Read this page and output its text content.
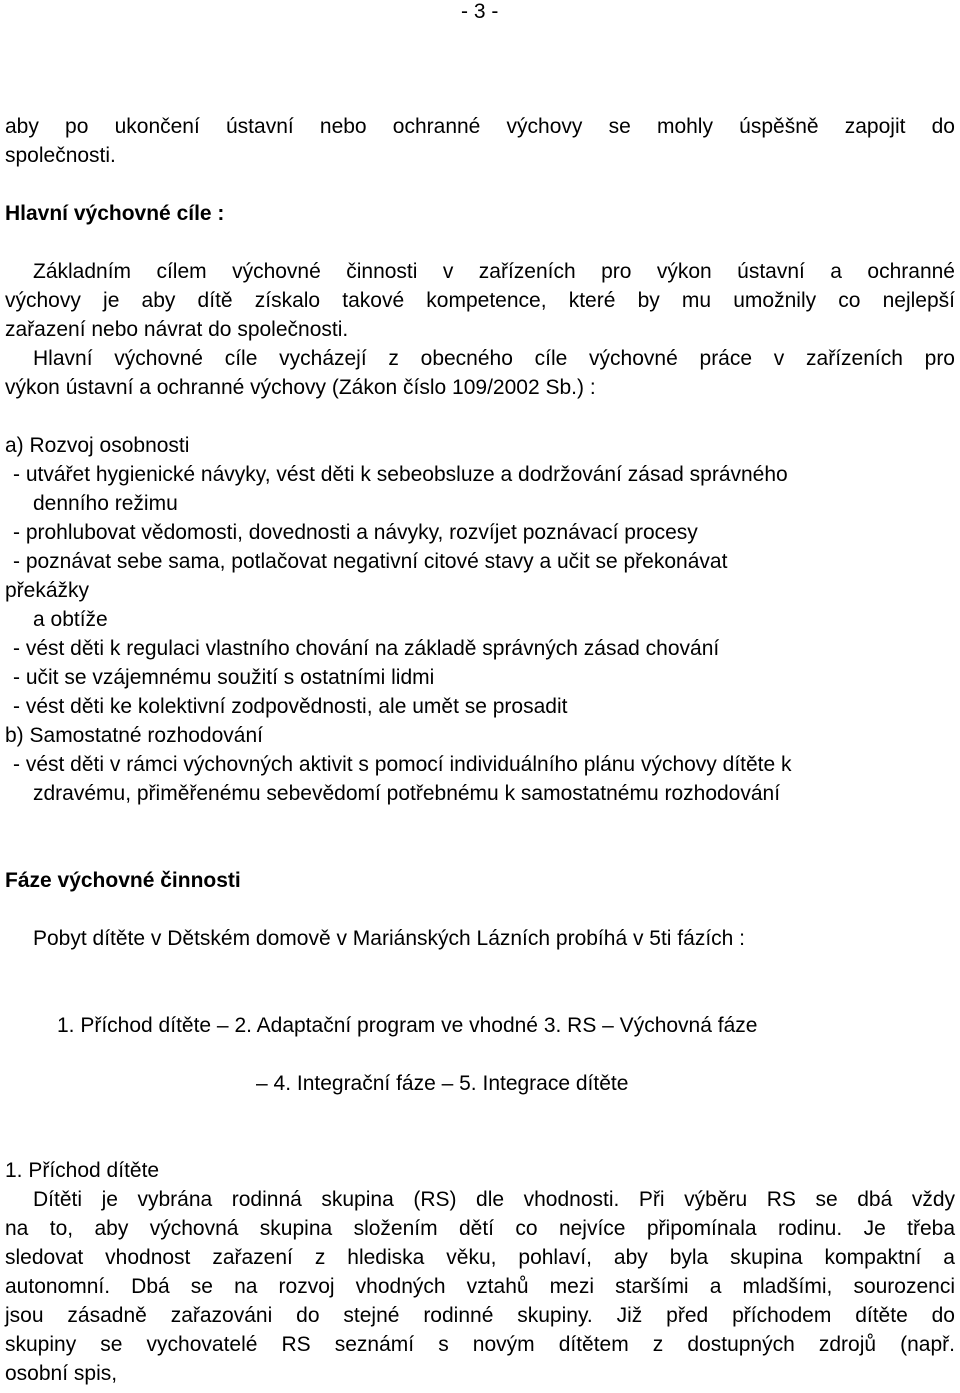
- 3 -
aby po ukončení ústavní nebo ochranné výchovy se mohly úspěšně zapojit do
společnosti.
Hlavní výchovné cíle :
Základním cílem výchovné činnosti v zařízeních pro výkon ústavní a ochranné
výchovy je aby dítě získalo takové kompetence, které by mu umožnily co nejlepší
zařazení nebo návrat do společnosti.
Hlavní výchovné cíle vycházejí z obecného cíle výchovné práce v zařízeních pro
výkon ústavní a ochranné výchovy (Zákon číslo 109/2002 Sb.) :
a) Rozvoj osobnosti
- utvářet hygienické návyky, vést děti k sebeobsluze a dodržování zásad správného
denního režimu
- prohlubovat vědomosti, dovednosti a návyky, rozvíjet poznávací procesy
- poznávat sebe sama, potlačovat negativní citové stavy a učit se překonávat
překážky
a obtíže
- vést děti k regulaci vlastního chování na základě správných zásad chování
- učit se vzájemnému soužití s ostatními lidmi
- vést děti ke kolektivní zodpovědnosti, ale umět se prosadit
b) Samostatné rozhodování
- vést děti v rámci výchovných aktivit s pomocí individuálního plánu výchovy dítěte k
zdravému, přiměřenému sebevědomí potřebnému k samostatnému rozhodování
Fáze výchovné činnosti
Pobyt dítěte v Dětském domově v Mariánských Lázních probíhá v 5ti fázích :
1. Příchod dítěte – 2. Adaptační program ve vhodné 3. RS – Výchovná fáze
– 4. Integrační fáze – 5. Integrace dítěte
1. Příchod dítěte
Dítěti je vybrána rodinná skupina (RS) dle vhodnosti. Při výběru RS se dbá vždy
na to, aby výchovná skupina složením dětí co nejvíce připomínala rodinu. Je třeba
sledovat vhodnost zařazení z hlediska věku, pohlaví, aby byla skupina kompaktní a
autonomní. Dbá se na rozvoj vhodných vztahů mezi staršími a mladšími, sourozenci
jsou zásadně zařazováni do stejné rodinné skupiny. Již před příchodem dítěte do
skupiny se vychovatelé RS seznámí s novým dítětem z dostupných zdrojů (např.
osobní spis,
